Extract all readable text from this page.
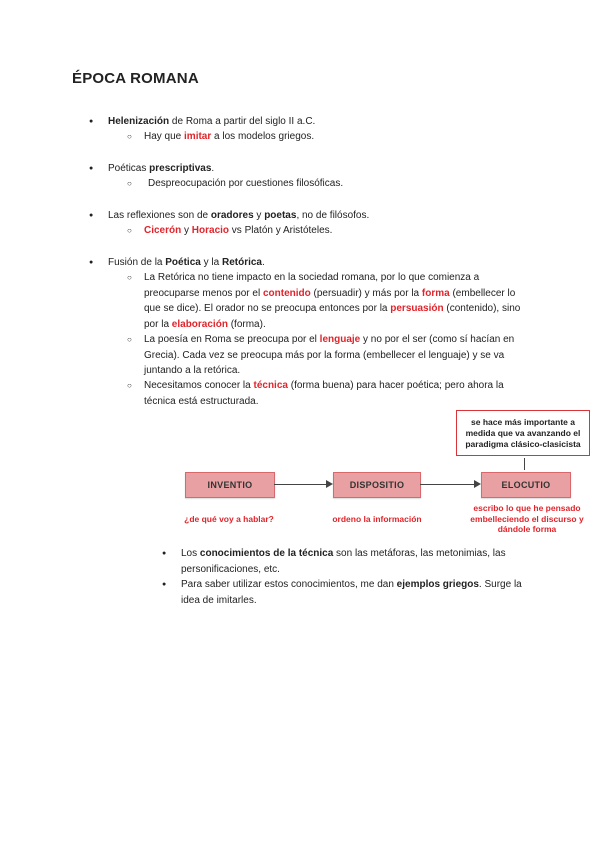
ÉPOCA ROMANA
● Helenización de Roma a partir del siglo II a.C.
○ Hay que imitar a los modelos griegos.
● Poéticas prescriptivas.
○ Despreocupación por cuestiones filosóficas.
● Las reflexiones son de oradores y poetas, no de filósofos.
○ Cicerón y Horacio vs Platón y Aristóteles.
● Fusión de la Poética y la Retórica.
○ La Retórica no tiene impacto en la sociedad romana, por lo que comienza a preocuparse menos por el contenido (persuadir) y más por la forma (embellecer lo que se dice). El orador no se preocupa entonces por la persuasión (contenido), sino por la elaboración (forma).
○ La poesía en Roma se preocupa por el lenguaje y no por el ser (como sí hacían en Grecia). Cada vez se preocupa más por la forma (embellecer el lenguaje) y se va juntando a la retórica.
○ Necesitamos conocer la técnica (forma buena) para hacer poética; pero ahora la técnica está estructurada.
se hace más importante a medida que va avanzando el paradigma clásico-clasicista
INVENTIO	DISPOSITIO	ELOCUTIO
¿de qué voy a hablar?	ordeno la información
escribo lo que he pensado embelleciendo el discurso y dándole forma
● Los conocimientos de la técnica son las metáforas, las metonimias, las personificaciones, etc.
● Para saber utilizar estos conocimientos, me dan ejemplos griegos. Surge la idea de imitarles.
